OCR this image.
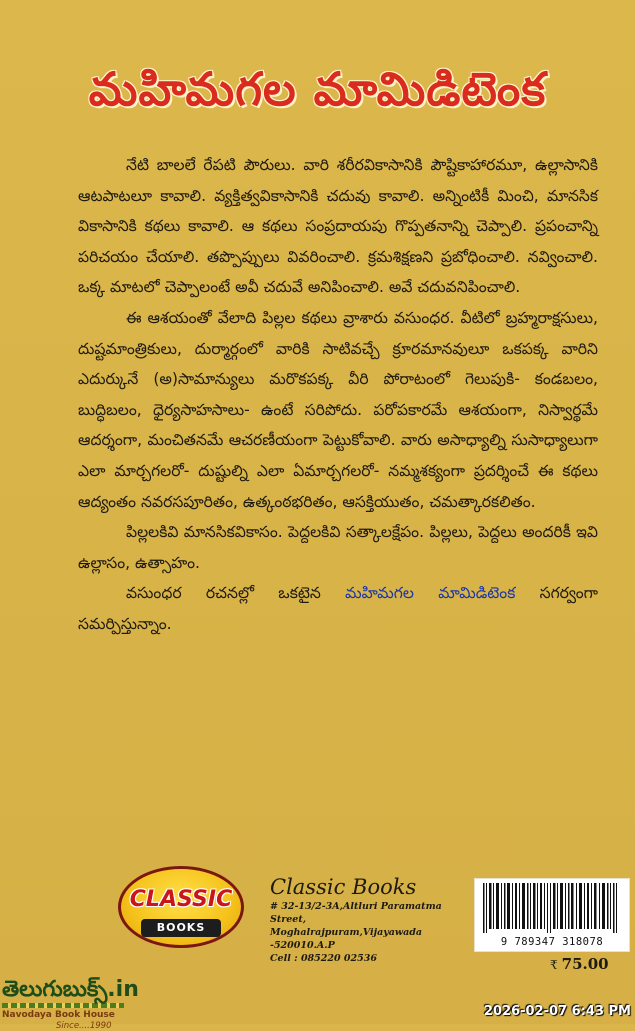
మహిమగల మామిడిటెంక

నేటి బాలలే రేపటి పౌరులు. వారి శరీరవికాసానికి పౌష్టికాహారమూ, ఉల్లాసానికి ఆటపాటలూ కావాలి. వ్యక్తిత్వవికాసానికి చదువు కావాలి. అన్నింటికీ మించి, మానసిక వికాసానికి కథలు కావాలి. ఆ కథలు సంప్రదాయపు గొప్పతనాన్ని చెప్పాలి. ప్రపంచాన్ని పరిచయం చేయాలి. తప్పొప్పులు వివరించాలి. క్రమశిక్షణని ప్రబోధించాలి. నవ్వించాలి. ఒక్క మాటలో చెప్పాలంటే అవీ చదువే అనిపించాలి. అవే చదువనిపించాలి.

ఈ ఆశయంతో వేలాది పిల్లల కథలు వ్రాశారు వసుంధర. వీటిలో బ్రహ్మరాక్షసులు, దుష్టమాంత్రికులు, దుర్మార్గంలో వారికి సాటివచ్చే క్రూరమానవులూ ఒకపక్క వారిని ఎదుర్కునే (అ)సామాన్యులు మరొకపక్క వీరి పోరాటంలో గెలుపుకి- కండబలం, బుద్ధిబలం, ధైర్యసాహసాలు- ఉంటే సరిపోదు. పరోపకారమే ఆశయంగా, నిస్వార్థమే ఆదర్శంగా, మంచితనమే ఆచరణీయంగా పెట్టుకోవాలి. వారు అసాధ్యాల్ని సుసాధ్యాలుగా ఎలా మార్చగలరో- దుష్టుల్ని ఎలా ఏమార్చగలరో- నమ్మశక్యంగా ప్రదర్శించే ఈ కథలు ఆద్యంతం నవరసపూరితం, ఉత్కంఠభరితం, ఆసక్తియుతం, చమత్కారకలితం.

పిల్లలకివి మానసికవికాసం. పెద్దలకివి సత్కాలక్షేపం. పిల్లలు, పెద్దలు అందరికీ ఇవి ఉల్లాసం, ఉత్సాహం.

వసుంధర రచనల్లో ఒకటైన మహిమగల మామిడిటెంక సగర్వంగా సమర్పిస్తున్నాం.

CLASSIC
BOOKS
Classic Books
# 32-13/2-3A,Altluri Paramatma Street,
Moghalrajpuram,Vijayawada -520010.A.P
Cell : 085220 02536
9 789347 318078
₹ 75.00
తెలుగుబుక్స్.in
Navodaya Book House
Since....1990
2026-02-07 6:43 PM
